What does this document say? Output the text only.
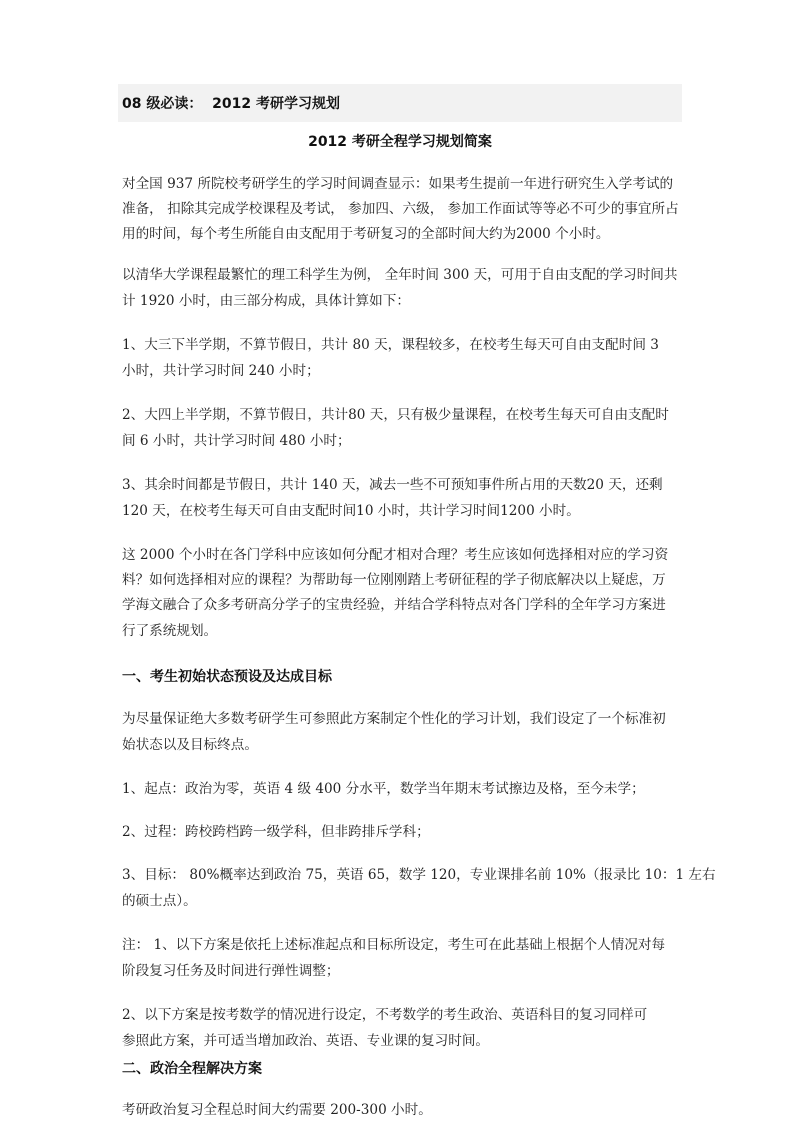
08 级必读：  2012 考研学习规划
2012 考研全程学习规划简案
对全国 937 所院校考研学生的学习时间调查显示：如果考生提前一年进行研究生入学考试的
准备， 扣除其完成学校课程及考试， 参加四、六级， 参加工作面试等等必不可少的事宜所占
用的时间，每个考生所能自由支配用于考研复习的全部时间大约为2000 个小时。
以清华大学课程最繁忙的理工科学生为例， 全年时间 300 天，可用于自由支配的学习时间共
计 1920 小时，由三部分构成，具体计算如下：
1、大三下半学期，不算节假日，共计 80 天，课程较多，在校考生每天可自由支配时间 3
小时，共计学习时间 240 小时；
2、大四上半学期，不算节假日，共计80 天，只有极少量课程，在校考生每天可自由支配时
间 6 小时，共计学习时间 480 小时；
3、其余时间都是节假日，共计 140 天，减去一些不可预知事件所占用的天数20 天，还剩
120 天，在校考生每天可自由支配时间10 小时，共计学习时间1200 小时。
这 2000 个小时在各门学科中应该如何分配才相对合理？考生应该如何选择相对应的学习资
料？如何选择相对应的课程？为帮助每一位刚刚踏上考研征程的学子彻底解决以上疑虑，万
学海文融合了众多考研高分学子的宝贵经验，并结合学科特点对各门学科的全年学习方案进
行了系统规划。
一、考生初始状态预设及达成目标
为尽量保证绝大多数考研学生可参照此方案制定个性化的学习计划，我们设定了一个标准初
始状态以及目标终点。
1、起点：政治为零，英语 4 级 400 分水平，数学当年期末考试擦边及格，至今未学；
2、过程：跨校跨档跨一级学科，但非跨排斥学科；
3、目标： 80%概率达到政治 75，英语 65，数学 120，专业课排名前 10%（报录比 10：1 左右
的硕士点）。
注： 1、以下方案是依托上述标准起点和目标所设定，考生可在此基础上根据个人情况对每
阶段复习任务及时间进行弹性调整；
2、以下方案是按考数学的情况进行设定，不考数学的考生政治、英语科目的复习同样可
参照此方案，并可适当增加政治、英语、专业课的复习时间。
二、政治全程解决方案
考研政治复习全程总时间大约需要 200-300 小时。
